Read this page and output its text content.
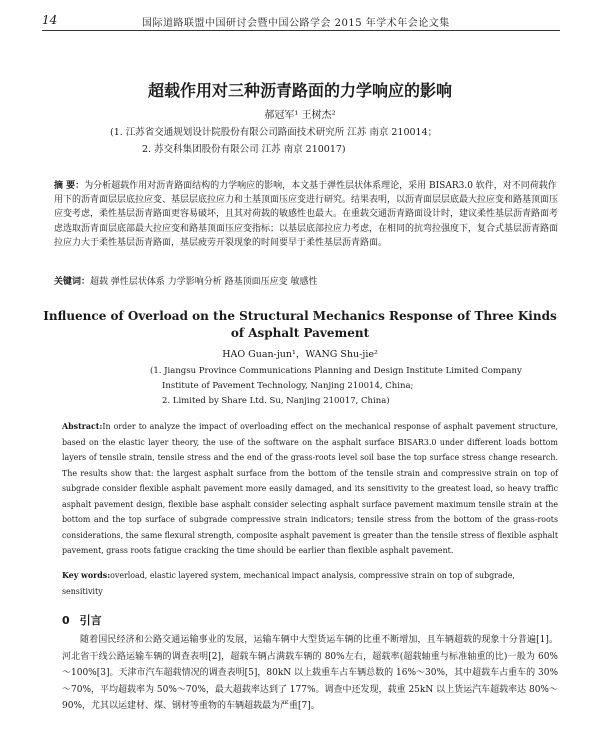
14	国际道路联盟中国研讨会暨中国公路学会 2015 年学术年会论文集
超载作用对三种沥青路面的力学响应的影响
郝冠军¹ 王树杰²
(1. 江苏省交通规划设计院股份有限公司路面技术研究所 江苏 南京 210014；
2. 苏交科集团股份有限公司 江苏 南京 210017)
摘 要：为分析超载作用对沥青路面结构的力学响应的影响，本文基于弹性层状体系理论，采用 BISAR3.0 软件，对不同荷载作用下的沥青面层层底拉应变、基层层底拉应力和土基顶面压应变进行研究。结果表明，以沥青面层层底最大拉应变和路基顶面压应变考虑，柔性基层沥青路面更容易破坏，且其对荷载的敏感性也最大。在重载交通沥青路面设计时，建议柔性基层沥青路面考虑选取沥青面层底部最大拉应变和路基顶面压应变指标；以基层底部拉应力考虑，在相同的抗弯拉强度下，复合式基层沥青路面拉应力大于柔性基层沥青路面，基层疲劳开裂现象的时间要早于柔性基层沥青路面。
关键词：超载 弹性层状体系 力学影响分析 路基顶面压应变 敏感性
Influence of Overload on the Structural Mechanics Response of Three Kinds
of Asphalt Pavement
HAO Guan-jun¹，WANG Shu-jie²
(1. Jiangsu Province Communications Planning and Design Institute Limited Company
Institute of Pavement Technology, Nanjing 210014, China;
2. Limited by Share Ltd. Su, Nanjing 210017, China)
Abstract:In order to analyze the impact of overloading effect on the mechanical response of asphalt pavement structure, based on the elastic layer theory, the use of the software on the asphalt surface BISAR3.0 under different loads bottom layers of tensile strain, tensile stress and the end of the grass-roots level soil base the top surface stress change research. The results show that: the largest asphalt surface from the bottom of the tensile strain and compressive strain on top of subgrade consider flexible asphalt pavement more easily damaged, and its sensitivity to the greatest load, so heavy traffic asphalt pavement design, flexible base asphalt consider selecting asphalt surface pavement maximum tensile strain at the bottom and the top surface of subgrade compressive strain indicators; tensile stress from the bottom of the grass-roots considerations, the same flexural strength, composite asphalt pavement is greater than the tensile stress of flexible asphalt pavement, grass roots fatigue cracking the time should be earlier than flexible asphalt pavement.
Key words:overload, elastic layered system, mechanical impact analysis, compressive strain on top of subgrade, sensitivity
0 引言
随着国民经济和公路交通运输事业的发展，运输车辆中大型货运车辆的比重不断增加，且车辆超载的现象十分普遍[1]。河北省干线公路运输车辆的调查表明[2]，超载车辆占满载车辆的 80%左右，超载率(超载轴重与标准轴重的比)一般为 60%～100%[3]。天津市汽车超载情况的调查表明[5]，80kN 以上载重车占车辆总数的 16%～30%，其中超载车占重车的 30%～70%，平均超载率为 50%～70%，最大超载率达到了 177%。调查中还发现，载重 25kN 以上货运汽车超载率达 80%～90%，尤其以运建材、煤、钢材等重物的车辆超载最为严重[7]。
